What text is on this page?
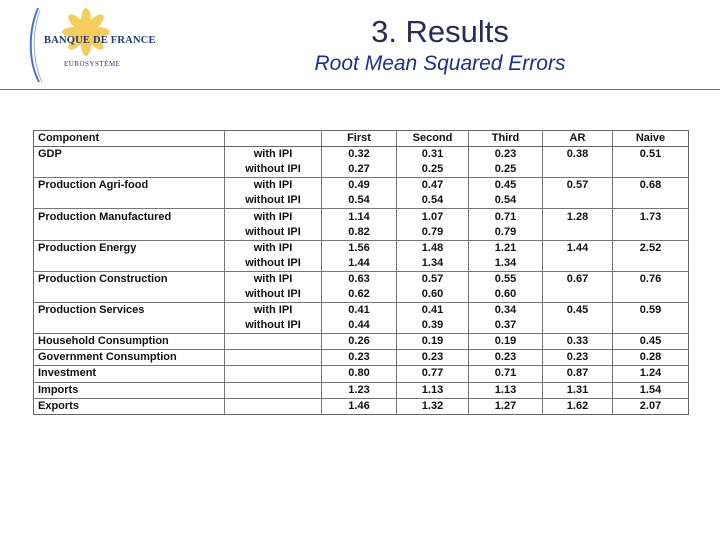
BANQUE DE FRANCE
EUROSYSTÈME
3. Results
Root Mean Squared Errors
Component		First	Second	Third	AR	Naive
GDP	with IPI	0.32	0.31	0.23	0.38	0.51
	without IPI	0.27	0.25	0.25		
Production Agri-food	with IPI	0.49	0.47	0.45	0.57	0.68
	without IPI	0.54	0.54	0.54		
Production Manufactured	with IPI	1.14	1.07	0.71	1.28	1.73
	without IPI	0.82	0.79	0.79		
Production Energy	with IPI	1.56	1.48	1.21	1.44	2.52
	without IPI	1.44	1.34	1.34		
Production Construction	with IPI	0.63	0.57	0.55	0.67	0.76
	without IPI	0.62	0.60	0.60		
Production Services	with IPI	0.41	0.41	0.34	0.45	0.59
	without IPI	0.44	0.39	0.37		
Household Consumption		0.26	0.19	0.19	0.33	0.45
Government Consumption		0.23	0.23	0.23	0.23	0.28
Investment		0.80	0.77	0.71	0.87	1.24
Imports		1.23	1.13	1.13	1.31	1.54
Exports		1.46	1.32	1.27	1.62	2.07
